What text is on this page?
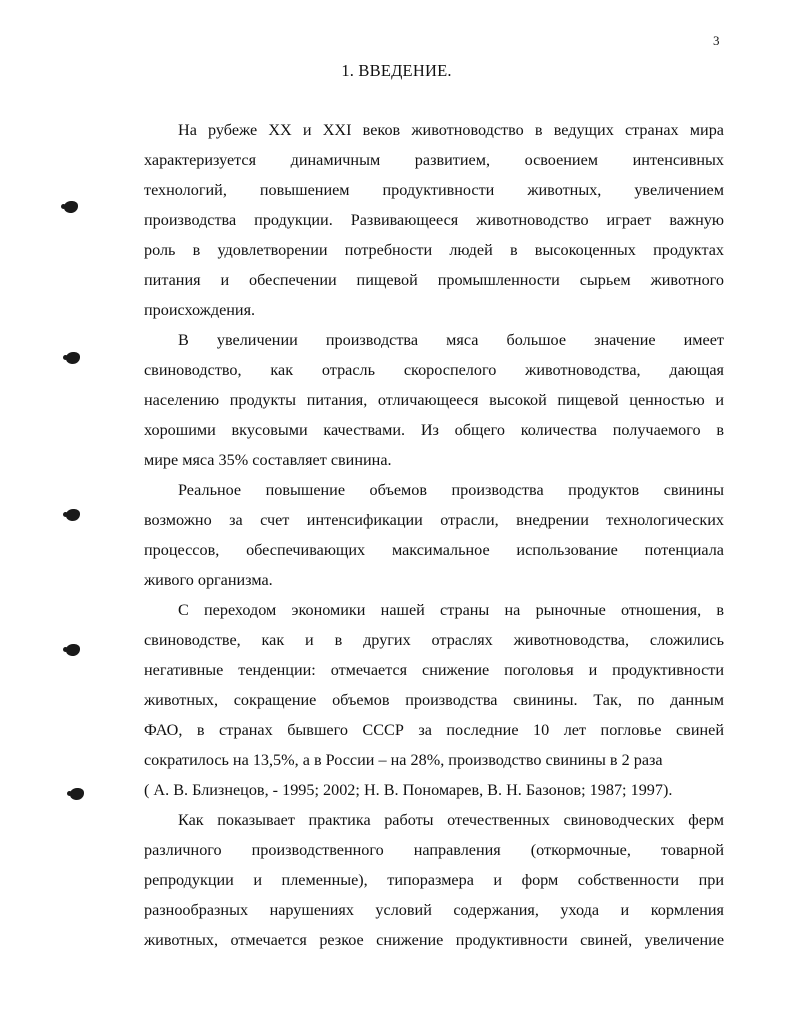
3
1. ВВЕДЕНИЕ.

На рубеже XX и XXI веков животноводство в ведущих странах мира
характеризуется динамичным развитием, освоением интенсивных
технологий, повышением продуктивности животных, увеличением
производства продукции. Развивающееся животноводство играет важную
роль в удовлетворении потребности людей в высокоценных продуктах
питания и обеспечении пищевой промышленности сырьем животного
происхождения.

В увеличении производства мяса большое значение имеет
свиноводство, как отрасль скороспелого животноводства, дающая
населению продукты питания, отличающееся высокой пищевой ценностью и
хорошими вкусовыми качествами. Из общего количества получаемого в
мире мяса 35% составляет свинина.

Реальное повышение объемов производства продуктов свинины
возможно за счет интенсификации отрасли, внедрении технологических
процессов, обеспечивающих максимальное использование потенциала
живого организма.

С переходом экономики нашей страны на рыночные отношения, в
свиноводстве, как и в других отраслях животноводства, сложились
негативные тенденции: отмечается снижение поголовья и продуктивности
животных, сокращение объемов производства свинины. Так, по данным
ФАО, в странах бывшего СССР за последние 10 лет погловье свиней
сократилось на 13,5%, а в России – на 28%, производство свинины в 2 раза
( А. В. Близнецов, - 1995; 2002; Н. В. Пономарев, В. Н. Базонов; 1987; 1997).

Как показывает практика работы отечественных свиноводческих ферм
различного производственного направления (откормочные, товарной
репродукции и племенные), типоразмера и форм собственности при
разнообразных нарушениях условий содержания, ухода и кормления
животных, отмечается резкое снижение продуктивности свиней, увеличение
